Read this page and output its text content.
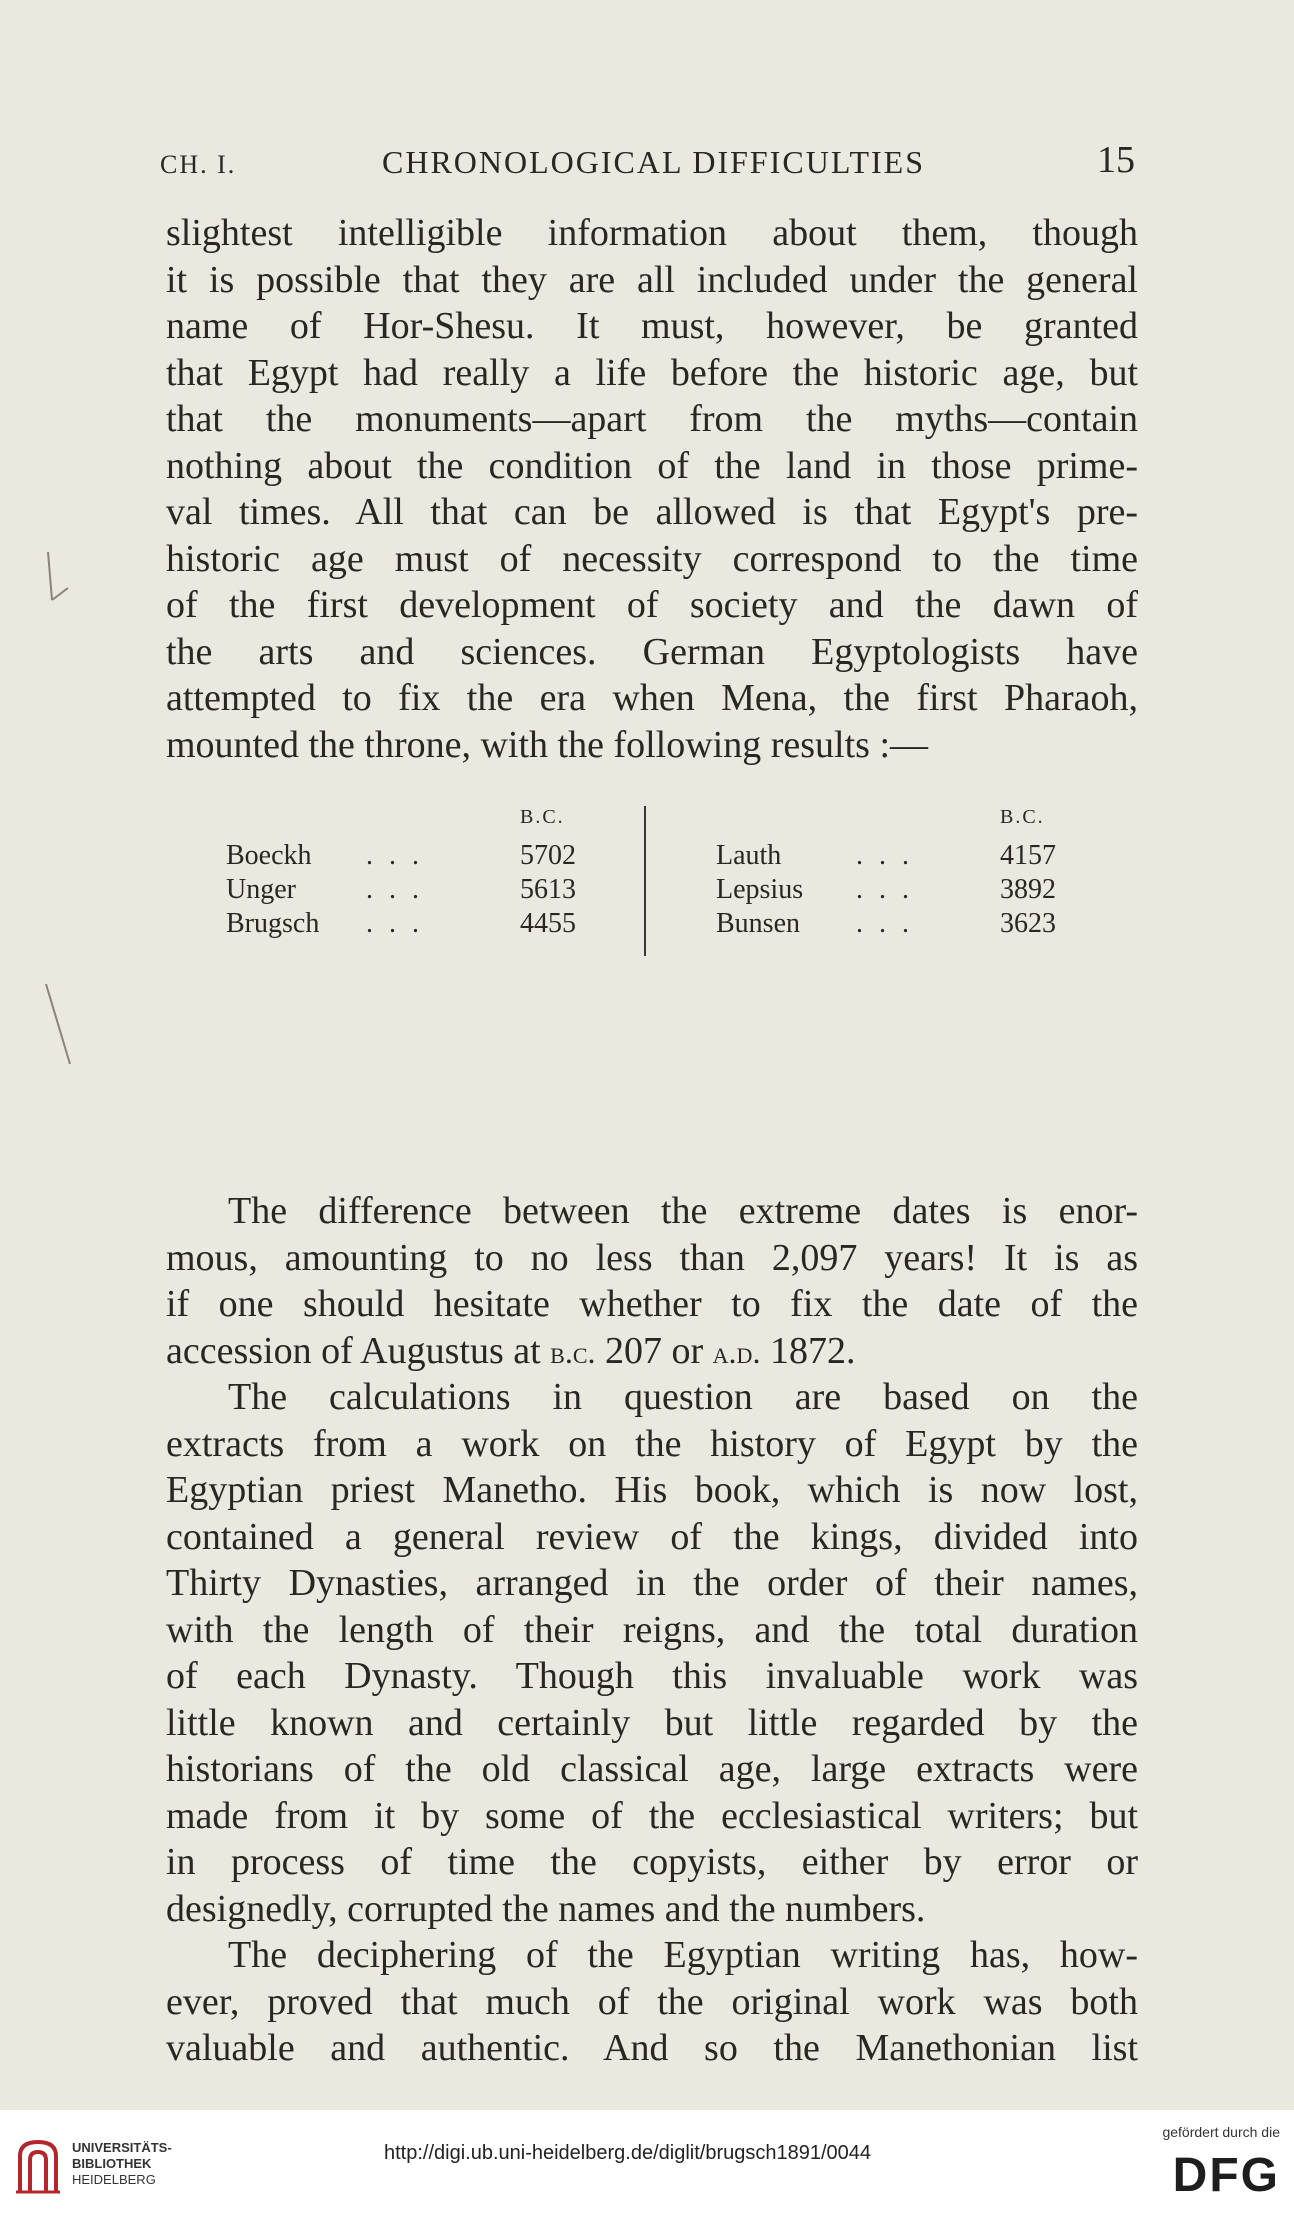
CH. I.	CHRONOLOGICAL DIFFICULTIES	15
slightest intelligible information about them, though
it is possible that they are all included under the general
name of Hor-Shesu. It must, however, be granted
that Egypt had really a life before the historic age, but
that the monuments—apart from the myths—contain
nothing about the condition of the land in those prime-
val times. All that can be allowed is that Egypt's pre-
historic age must of necessity correspond to the time
of the first development of society and the dawn of
the arts and sciences. German Egyptologists have
attempted to fix the era when Mena, the first Pharaoh,
mounted the throne, with the following results :—
The difference between the extreme dates is enor-
mous, amounting to no less than 2,097 years! It is as
if one should hesitate whether to fix the date of the
accession of Augustus at b.c. 207 or a.d. 1872.
The calculations in question are based on the
extracts from a work on the history of Egypt by the
Egyptian priest Manetho. His book, which is now lost,
contained a general review of the kings, divided into
Thirty Dynasties, arranged in the order of their names,
with the length of their reigns, and the total duration
of each Dynasty. Though this invaluable work was
little known and certainly but little regarded by the
historians of the old classical age, large extracts were
made from it by some of the ecclesiastical writers; but
in process of time the copyists, either by error or
designedly, corrupted the names and the numbers.
The deciphering of the Egyptian writing has, how-
ever, proved that much of the original work was both
valuable and authentic. And so the Manethonian list
B.C.
Boeckh ...	5702
Unger	...	5613
Brugsch ...	4455
B.C.
Lauth	...	4157
Lepsius ...	3892
Bunsen ...	3623
UNIVERSITÄTS-
BIBLIOTHEK
HEIDELBERG
http://digi.ub.uni-heidelberg.de/diglit/brugsch1891/0044
gefördert durch die
DFG
